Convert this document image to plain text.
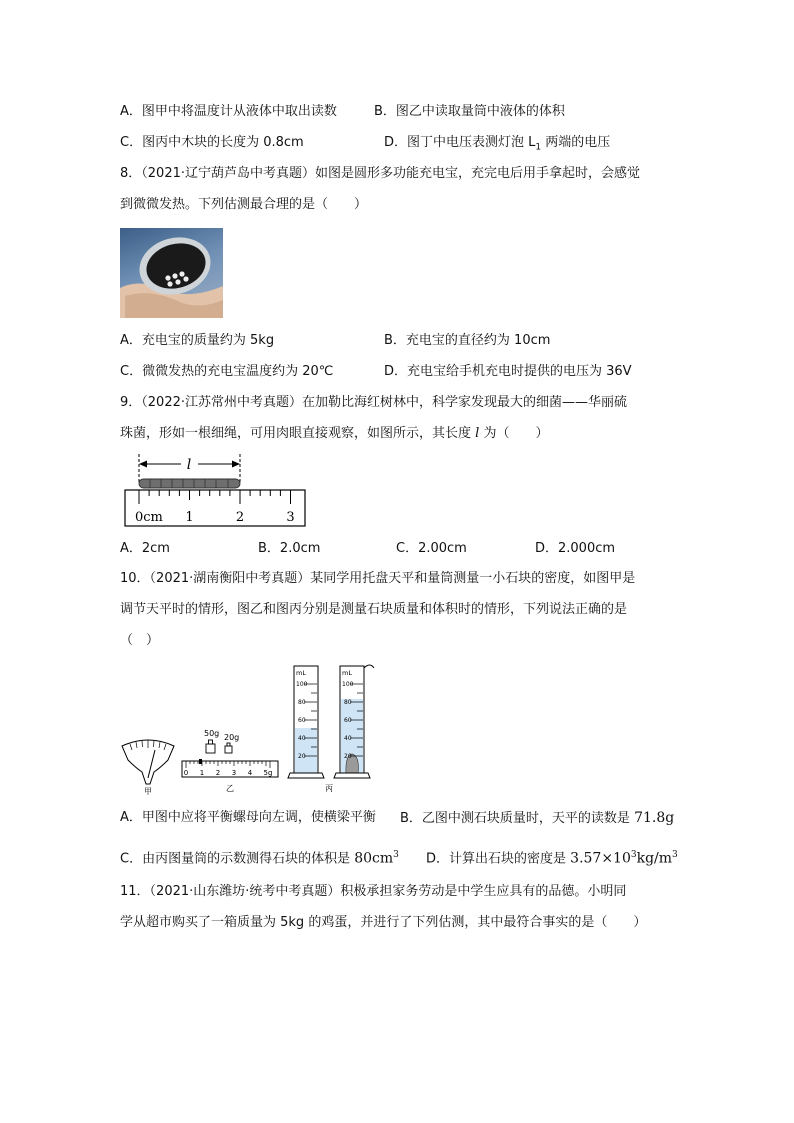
A．图甲中将温度计从液体中取出读数	B．图乙中读取量筒中液体的体积
C．图丙中木块的长度为 0.8cm	D．图丁中电压表测灯泡 $L_1$ 两端的电压
8．（2021·辽宁葫芦岛中考真题）如图是圆形多功能充电宝，充完电后用手拿起时，会感觉
到微微发热。下列估测最合理的是（　　）
A．充电宝的质量约为 5kg	B．充电宝的直径约为 10cm
C．微微发热的充电宝温度约为 20℃	D．充电宝给手机充电时提供的电压为 36V
9．（2022·江苏常州中考真题）在加勒比海红树林中，科学家发现最大的细菌——华丽硫
珠菌，形如一根细绳，可用肉眼直接观察，如图所示，其长度 l 为（　　）
l
0cm 1	2	3
A．2cm	B．2.0cm	C．2.00cm	D．2.000cm
10．（2021·湖南衡阳中考真题）某同学用托盘天平和量筒测量一小石块的密度，如图甲是
调节天平时的情形，图乙和图丙分别是测量石块质量和体积时的情形，下列说法正确的是
（　）
甲
50g 20g
0 1 2 3 4 5g
乙
mL
100
80
60
40
20
mL
100
80
60
40
20
丙
A．甲图中应将平衡螺母向左调，使横梁平衡 B．乙图中测石块质量时，天平的读数是 71.8g
C．由丙图量筒的示数测得石块的体积是 $80cm^3$ D．计算出石块的密度是 $3.57\times 10^3kg/m^3$
11．（2021·山东潍坊·统考中考真题）积极承担家务劳动是中学生应具有的品德。小明同
学从超市购买了一箱质量为 5kg 的鸡蛋，并进行了下列估测，其中最符合事实的是（　　）
